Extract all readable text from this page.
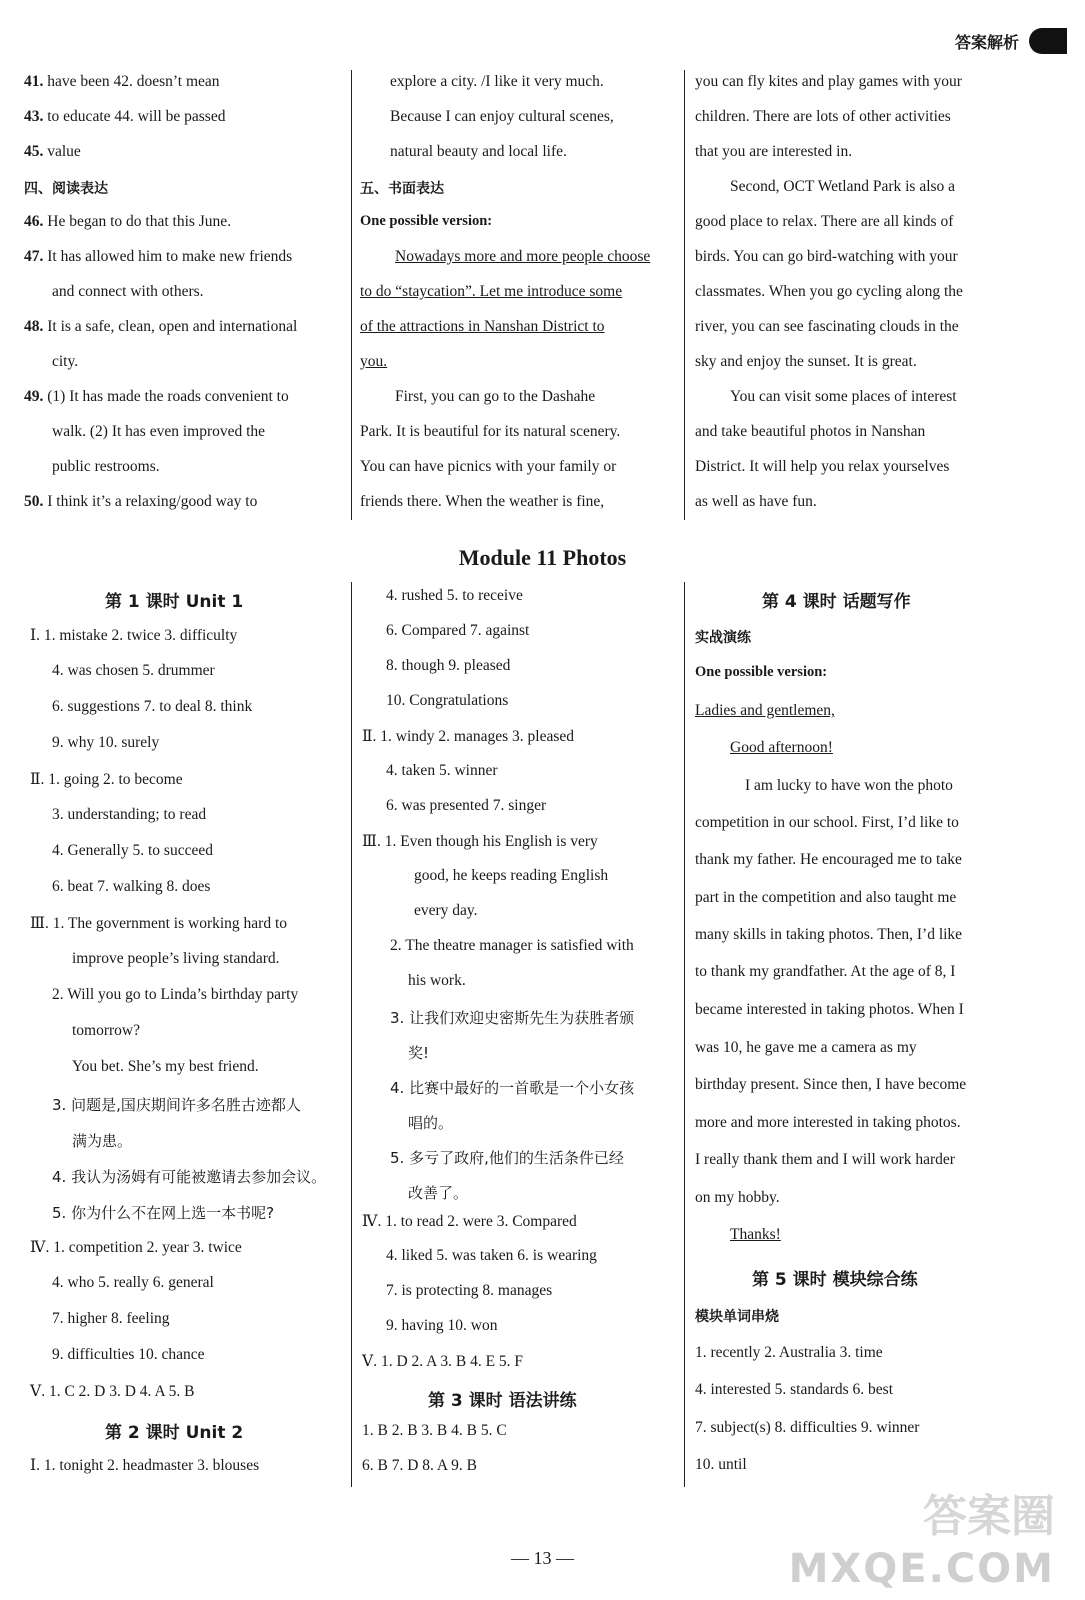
答案解析
41. have been 42. doesn’t mean
43. to educate 44. will be passed
45. value
四、阅读表达
46. He began to do that this June.
47. It has allowed him to make new friends
and connect with others.
48. It is a safe, clean, open and international
city.
49. (1) It has made the roads convenient to
walk. (2) It has even improved the
public restrooms.
50. I think it’s a relaxing/good way to
explore a city. /I like it very much.
Because I can enjoy cultural scenes,
natural beauty and local life.
五、书面表达
One possible version:
Nowadays more and more people choose
to do “staycation”. Let me introduce some
of the attractions in Nanshan District to
you.
First, you can go to the Dashahe
Park. It is beautiful for its natural scenery.
You can have picnics with your family or
friends there. When the weather is fine,
you can fly kites and play games with your
children. There are lots of other activities
that you are interested in.
Second, OCT Wetland Park is also a
good place to relax. There are all kinds of
birds. You can go bird-watching with your
classmates. When you go cycling along the
river, you can see fascinating clouds in the
sky and enjoy the sunset. It is great.
You can visit some places of interest
and take beautiful photos in Nanshan
District. It will help you relax yourselves
as well as have fun.
Module 11 Photos
第 1 课时 Unit 1
Ⅰ. 1. mistake 2. twice 3. difficulty
4. was chosen 5. drummer
6. suggestions 7. to deal 8. think
9. why 10. surely
Ⅱ. 1. going 2. to become
3. understanding; to read
4. Generally 5. to succeed
6. beat 7. walking 8. does
Ⅲ. 1. The government is working hard to
improve people’s living standard.
2. Will you go to Linda’s birthday party
tomorrow?
You bet. She’s my best friend.
3. 问题是,国庆期间许多名胜古迹都人
满为患。
4. 我认为汤姆有可能被邀请去参加会议。
5. 你为什么不在网上选一本书呢?
Ⅳ. 1. competition 2. year 3. twice
4. who 5. really 6. general
7. higher 8. feeling
9. difficulties 10. chance
Ⅴ. 1. C 2. D 3. D 4. A 5. B
第 2 课时 Unit 2
Ⅰ. 1. tonight 2. headmaster 3. blouses
4. rushed 5. to receive
6. Compared 7. against
8. though 9. pleased
10. Congratulations
Ⅱ. 1. windy 2. manages 3. pleased
4. taken 5. winner
6. was presented 7. singer
Ⅲ. 1. Even though his English is very
good, he keeps reading English
every day.
2. The theatre manager is satisfied with
his work.
3. 让我们欢迎史密斯先生为获胜者颁
奖!
4. 比赛中最好的一首歌是一个小女孩
唱的。
5. 多亏了政府,他们的生活条件已经
改善了。
Ⅳ. 1. to read 2. were 3. Compared
4. liked 5. was taken 6. is wearing
7. is protecting 8. manages
9. having 10. won
Ⅴ. 1. D 2. A 3. B 4. E 5. F
第 3 课时 语法讲练
1. B 2. B 3. B 4. B 5. C
6. B 7. D 8. A 9. B
第 4 课时 话题写作
实战演练
One possible version:
Ladies and gentlemen,
Good afternoon!
I am lucky to have won the photo
competition in our school. First, I’d like to
thank my father. He encouraged me to take
part in the competition and also taught me
many skills in taking photos. Then, I’d like
to thank my grandfather. At the age of 8, I
became interested in taking photos. When I
was 10, he gave me a camera as my
birthday present. Since then, I have become
more and more interested in taking photos.
I really thank them and I will work harder
on my hobby.
Thanks!
第 5 课时 模块综合练
模块单词串烧
1. recently 2. Australia 3. time
4. interested 5. standards 6. best
7. subject(s) 8. difficulties 9. winner
10. until
— 13 —
答案圈
MXQE.COM
